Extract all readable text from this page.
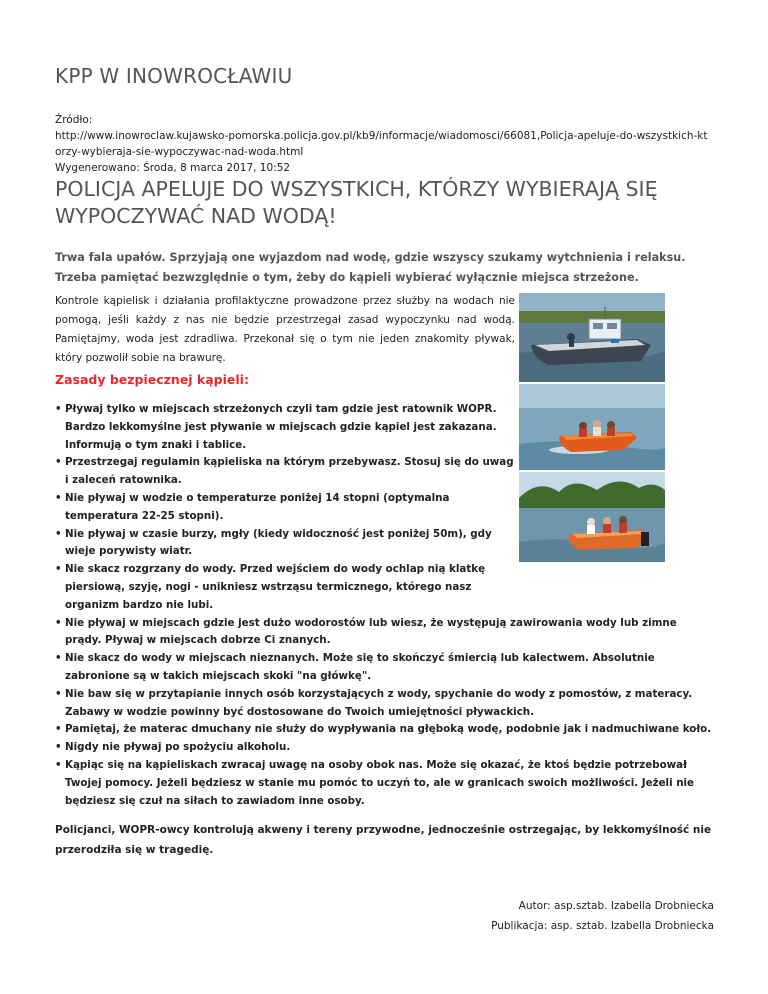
KPP W INOWROCŁAWIU
Źródło:
http://www.inowroclaw.kujawsko-pomorska.policja.gov.pl/kb9/informacje/wiadomosci/66081,Policja-apeluje-do-wszystkich-kt
orzy-wybieraja-sie-wypoczywac-nad-woda.html
Wygenerowano: Środa, 8 marca 2017, 10:52
POLICJA APELUJE DO WSZYSTKICH, KTÓRZY WYBIERAJĄ SIĘ WYPOCZYWAĆ NAD WODĄ!
Trwa fala upałów. Sprzyjają one wyjazdom nad wodę, gdzie wszyscy szukamy wytchnienia i relaksu. Trzeba pamiętać bezwzględnie o tym, żeby do kąpieli wybierać wyłącznie miejsca strzeżone.
Kontrole kąpielisk i działania profilaktyczne prowadzone przez służby na wodach nie pomogą, jeśli każdy z nas nie będzie przestrzegał zasad wypoczynku nad wodą. Pamiętajmy, woda jest zdradliwa. Przekonał się o tym nie jeden znakomity pływak, który pozwolił sobie na brawurę.
Zasady bezpiecznej kąpieli:
• Pływaj tylko w miejscach strzeżonych czyli tam gdzie jest ratownik WOPR. Bardzo lekkomyślne jest pływanie w miejscach gdzie kąpiel jest zakazana. Informują o tym znaki i tablice.
• Przestrzegaj regulamin kąpieliska na którym przebywasz. Stosuj się do uwag i zaleceń ratownika.
• Nie pływaj w wodzie o temperaturze poniżej 14 stopni (optymalna temperatura 22-25 stopni).
• Nie pływaj w czasie burzy, mgły (kiedy widoczność jest poniżej 50m), gdy wieje porywisty wiatr.
• Nie skacz rozgrzany do wody. Przed wejściem do wody ochlap nią klatkę piersiową, szyję, nogi - unikniesz wstrząsu termicznego, którego nasz organizm bardzo nie lubi.
• Nie pływaj w miejscach gdzie jest dużo wodorostów lub wiesz, że występują zawirowania wody lub zimne prądy. Pływaj w miejscach dobrze Ci znanych.
• Nie skacz do wody w miejscach nieznanych. Może się to skończyć śmiercią lub kalectwem. Absolutnie zabronione są w takich miejscach skoki "na główkę".
• Nie baw się w przytapianie innych osób korzystających z wody, spychanie do wody z pomostów, z materacy. Zabawy w wodzie powinny być dostosowane do Twoich umiejętności pływackich.
• Pamiętaj, że materac dmuchany nie służy do wypływania na głęboką wodę, podobnie jak i nadmuchiwane koło.
• Nigdy nie pływaj po spożyciu alkoholu.
• Kąpiąc się na kąpieliskach zwracaj uwagę na osoby obok nas. Może się okazać, że ktoś będzie potrzebował Twojej pomocy. Jeżeli będziesz w stanie mu pomóc to uczyń to, ale w granicach swoich możliwości. Jeżeli nie będziesz się czuł na siłach to zawiadom inne osoby.
Policjanci, WOPR-owcy kontrolują akweny i tereny przywodne, jednocześnie ostrzegając, by lekkomyślność nie przerodziła się w tragedię.
Autor: asp.sztab. Izabella Drobniecka
Publikacja: asp. sztab. Izabella Drobniecka
